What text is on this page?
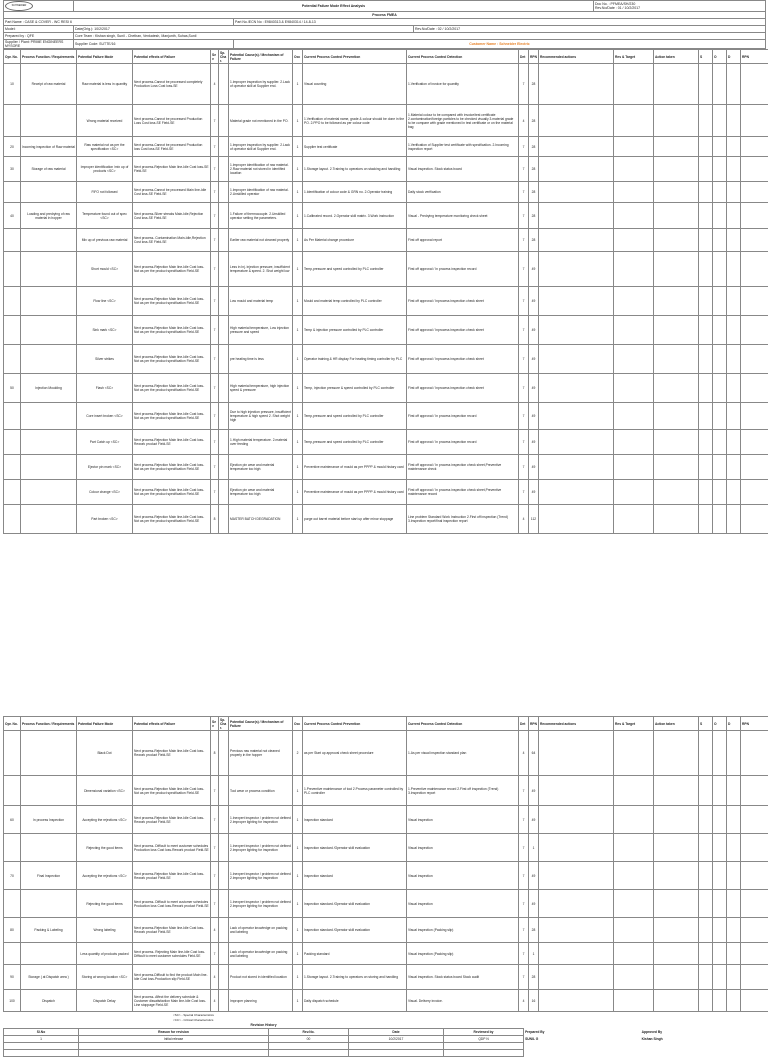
SCHNEIDER	Potential Failure Mode Effect Analysis			Doc No. : PFMEA/SH/230
Rev.No/Date : 01 / 10/2/2017

Process FMEA				
Part Name : CASE & COVER - WC RESI 6		Part No./ECN No : E9840313 & E9840314 / 14-8-13		
Model:	Date(Orig.): 10/2/2017		Rev.No/Date : 02 / 10/2/2017	
Prepared by : QFE	Core Team : Kishan singh, Sunil - Chethan, Venkatesh, Manjunth, Suhas,Sunil			
Supplier / Plant: PRIME ENGINEERS MYSORE	Supplier Code: SUTTE/16	Customer Name : Schneider Electric		
Opr. No.	Process Function / Requirements	Potential Failure Mode	Potential effects of Failure	Sev	Sp. Char.	Potential Cause(s) / Mechanism of Failure	Occ	Current Process Control Prevention	Current Process Control Detection	Det	RPN	Recommended actions	Res & Target	Action taken	S	O	D	RPN
10	Receipt of raw material	Raw material is less in quantity	Next process-Cannot be processed completely Production Loss Cost loss-SE	4		1.Improper inspection by supplier. 2.Lack of operator skill at Supplier end.	1	Visual counting	1.Verification of invoice for quantity	7	28							
		Wrong material received	Next process-Cannot be processed Production Loss Cost loss-SE Field-SE	7		Material grade not mentioned in the PO.	1	1.Verification of material name, grade & colour should be done in the PO. 2.PPO to be followed as per colour code	1.Material colour to be compared with invoice/test certificate 2.contamination/foreign particles to be checked visually 3.material grade to be compare with grade mentioned in test certificate or on the material bag	4	28							
20	Incoming inspection of Raw material	Raw material not as per the specification <SC>	Next process-Cannot be processed Production loss Cost loss-SE Field-SE	7		1.Improper inspection by supplier. 2.Lack of operator skill at Supplier end.	1	Supplier test certificate	1.Verification of Supplier test certificate with specification. 2.Incoming inspection report	7	28							
30	Storage of raw material	Improper identification /mix up of products <SC>	Next process-Rejection Main line-Idle Cost loss-SE Field-SE	7		1.Improper identification of raw material. 2.Raw material not stored in identified location	1	1.Storage layout. 2.Training to operators on stacking and handling	Visual inspection. Stock status board	7	28							
		FIFO not followed	Next process-Cannot be processed Main line-Idle Cost loss-SE Field-SE	7		1.Improper identification of raw material. 2.Unskilled operator	1	1.Identification of colour code & GRN no. 2.Operator training	Daily stock verification	7	28							
40	Loading and predrying of raw material in hopper	Temperature found out of spec <SC>	Next process-Silver streaks Main-Idle,Rejection Cost loss-SE Field-SE	7		1.Failure of thermocouple. 2.Unskilled operator setting the parameters.	1	1.Calibrated record. 2.Operator skill matrix. 3.Work instruction	Visual - Predrying temperature monitoring check sheet	7	28							
		Mix up of previous raw material	Next process- Contamination Main-Idle,Rejection Cost loss-SE Field-SE	7		Earlier raw material not cleaned properly	1	As Per Material change procedure	First off approval report	7	28							
		Short mould <SC>	Next process-Rejection Main line-Idle Cost loss-Not as per the product specification Field-SE	7		Less in Inj. injection pressure, insufficient temperature & speed. 2. Shot weight low	1	Temp,pressure and speed controlled by PLC controller	First off approval / In process inspection record	7	49							
		Flow line <SC>	Next process-Rejection Main line-Idle Cost loss-Not as per the product specification Field-SE	7		Low mould and material temp	1	Mould and material temp controlled by PLC controller	First off approval / Inprocess inspection check sheet	7	49							
		Sink mark <SC>	Next process-Rejection Main line-Idle Cost loss-Not as per the product specification Field-SE	7		High material temperature, Low injection pressure and speed	1	Temp & injection pressure controlled by PLC controller	First off approval / Inprocess inspection check sheet	7	49							
		Silver strikes	Next process-Rejection Main line-Idle Cost loss-Not as per the product specification Field-SE	7		pre heating time is less	1	Operator training & HR display For heating timing controller by PLC	First off approval / Inprocess inspection check sheet	7	49							
50	Injection Moulding	Flash <SC>	Next process-Rejection Main line-Idle Cost loss-Not as per the product specification Field-SE	7		High material temperature, high injection speed & pressure	1	Temp, Injection pressure & speed controlled by PLC controller	First off approval / Inprocess inspection check sheet	7	49							
		Core insert broken <SC>	Next process-Rejection Main line-Idle Cost loss-Not as per the product specification Field-SE	7		Due to high injection pressure, insufficient temperature & high speed 2. Shot weight high	1	Temp,pressure and speed controlled by PLC controller	First off approval / In process inspection record	7	49							
		Part Catch up <SC>	Next process-Rejection Main line-Idle Cost loss-Rework product Field-SE	7		1.High material temperature. 2.material over feeding	1	Temp,pressure and speed controlled by PLC controller	First off approval / In process inspection record	7	49							
		Ejector pin mark <SC>	Next process-Rejection Main line-Idle Cost loss-Not as per the product specification Field-SE	7		Ejection pin wear and material temperature too high	1	Preventive maintenance of mould as per PPPP & mould history card	First off approval / In process inspection check sheet,Preventive maintenance check	7	49							
		Colour change <SC>	Next process-Rejection Main line-Idle Cost loss-Not as per the product specification Field-SE	7		Ejection pin wear and material temperature too high	1	Preventive maintenance of mould as per PPPP & mould history card	First off approval / In process inspection check sheet,Preventive maintenance record	7	49							
		Part broken <SC>	Next process-Rejection Main line-Idle Cost loss-Not as per the product specification Field-SE	8		MASTER BATCH DEGRADATION	1	purge out barrel material before start up after minor stoppage	Line problem Standard Work Instruction 2.First off inspection (Trend) 3.Inspection report/final inspection report	4	112							
Opr. No.	Process Function / Requirements	Potential Failure Mode	Potential effects of Failure	Sev	Sp. Char.	Potential Cause(s) / Mechanism of Failure	Occ	Current Process Control Prevention	Current Process Control Detection	Det	RPN	Recommended actions	Res & Target	Action taken	S	O	D	RPN
		Black Dot	Next process-Rejection Main line-Idle Cost loss-Rework product Field-SE	8		Previous raw material not cleaned properly in the hopper	2	as per Start up approval check sheet procedure	1.As per visual inspection standard plan	4	64							
		Dimensional variation <SC>	Next process-Rejection Main line-Idle Cost loss-Not as per the product specification Field-SE	7		Tool wear or process condition	1	1.Preventive maintenance of tool 2.Process parameter controlled by PLC controller	1.Preventive maintenance record 2.First off inspection (Trend) 3.Inspection report	7	49							
60	In process Inspection	Accepting the rejections <SC>	Next process-Rejection Main line-Idle Cost loss-Rework product Field-SE	7		1.Inexpert inspector / problem not defined 2.Improper lighting for inspection	1	Inspection standard	Visual inspection	7	49							
		Rejecting the good items	Next process- Difficult to meet customer schedules Production loss Cost loss-Rework product Field-SE	7		1.Inexpert inspector / problem not defined 2.Improper lighting for inspection	1	Inspection standard /Operator skill evaluation	Visual inspection	7	1							
70	Final Inspection	Accepting the rejections <SC>	Next process-Rejection Main line-Idle Cost loss-Rework product Field-SE	7		1.Inexpert inspector / problem not defined 2.Improper lighting for inspection	1	Inspection standard	Visual inspection	7	49							
		Rejecting the good items	Next process- Difficult to meet customer schedules Production loss Cost loss-Rework product Field-SE	7		1.Inexpert inspector / problem not defined 2.Improper lighting for inspection	1	Inspection standard /Operator skill evaluation	Visual inspection	7	49							
80	Packing & Labeling	Wrong labeling	Next process-Rejection Main line-Idle Cost loss-Rework product Field-SE	4		Lack of operator knowledge on packing and labeling	1	Inspection standard /Operator skill evaluation	Visual inspection (Packing slip)	7	28							
		Less quantity of products packed	Next process- Rejecting Main line-Idle Cost loss-Difficult to meet customer schedules Field-SE	7		Lack of operator knowledge on packing and labeling	1	Packing standard	Visual inspection (Packing slip)	7	1							
90	Storage ( at Dispatch area )	Storing at wrong location <SC>	Next process-Difficult to find the product Main line-Idle Cost loss-Production slip Field-SE	4		Product not stored in identified location	1	1.Storage layout. 2.Training to operators on storing and handling	Visual inspection. Stock status board Stock audit	7	28							
100	Dispatch	Dispatch Delay	Next process- Affect the delivery schedule & Customer dissatisfaction Main line-Idle Cost loss-Line stoppage Field-SE	4		Improper planning	1	Daily dispatch schedule	Visual. Delivery invoice.	4	16							
<SC> - Special Characteristics
<CC> - Critical Characteristics
Revision History						
Sl.No	Reason for revision	Rev.No.	Date	Reviewed by	Prepared By	Approved By
1	Initial release	00	10/2/2017	QDP N	SUNIL G	Kishan Singh
